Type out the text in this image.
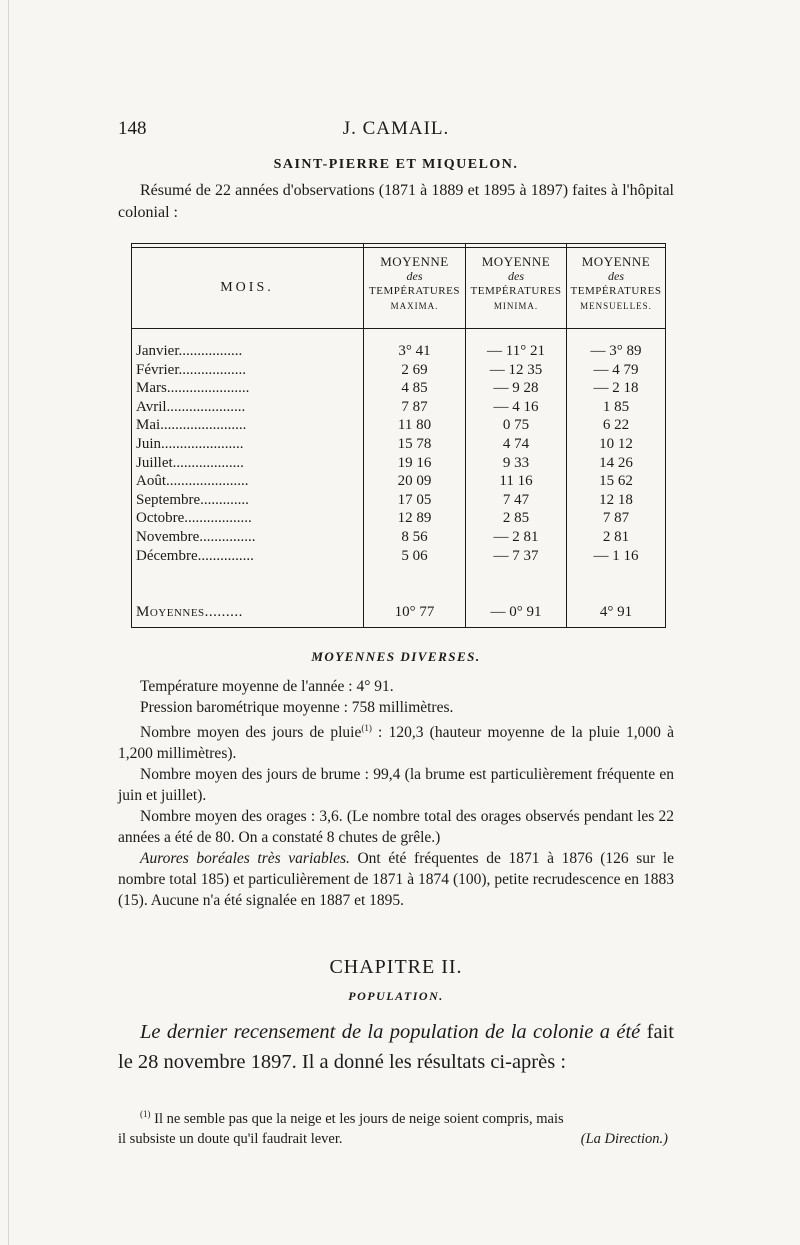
148	J. CAMAIL.
SAINT-PIERRE ET MIQUELON.
Résumé de 22 années d'observations (1871 à 1889 et 1895 à 1897) faites à l'hôpital colonial :
MOIS.
MOYENNE
des
TEMPÉRATURES
MAXIMA.
MOYENNE
des
TEMPÉRATURES
MINIMA.
MOYENNE
des
TEMPÉRATURES
MENSUELLES.
Janvier.................	3° 41	— 11° 21	— 3° 89
Février..................	2 69	— 12 35	— 4 79
Mars......................	4 85	— 9 28	— 2 18
Avril.....................	7 87	— 4 16	1 85
Mai.......................	11 80	0 75	6 22
Juin......................	15 78	4 74	10 12
Juillet...................	19 16	9 33	14 26
Août......................	20 09	11 16	15 62
Septembre.............	17 05	7 47	12 18
Octobre..................	12 89	2 85	7 87
Novembre...............	8 56	— 2 81	2 81
Décembre...............	5 06	— 7 37	— 1 16
Moyennes.........	10° 77	— 0° 91	4° 91
MOYENNES DIVERSES.

Température moyenne de l'année : 4° 91.

Pression barométrique moyenne : 758 millimètres.

Nombre moyen des jours de pluie$^{(1)}$ : 120,3 (hauteur moyenne de la pluie 1,000 à 1,200 millimètres).

Nombre moyen des jours de brume : 99,4 (la brume est particulièrement fréquente en juin et juillet).

Nombre moyen des orages : 3,6. (Le nombre total des orages observés pendant les 22 années a été de 80. On a constaté 8 chutes de grêle.)

Aurores boréales très variables. Ont été fréquentes de 1871 à 1876 (126 sur le nombre total 185) et particulièrement de 1871 à 1874 (100), petite recrudescence en 1883 (15). Aucune n'a été signalée en 1887 et 1895.

CHAPITRE II.
POPULATION.
Le dernier recensement de la population de la colonie a été fait le 28 novembre 1897. Il a donné les résultats ci-après :
$^{(1)}$ Il ne semble pas que la neige et les jours de neige soient compris, mais
il subsiste un doute qu'il faudrait lever.	(La Direction.)
